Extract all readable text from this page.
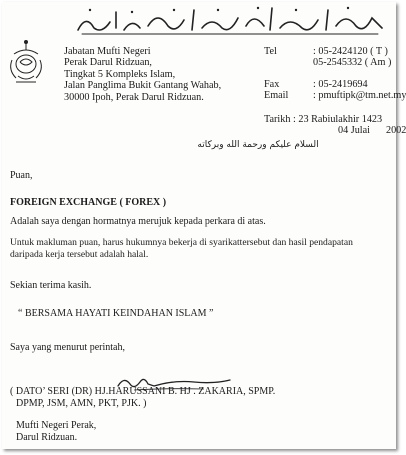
Jabatan Mufti Negeri
Perak Darul Ridzuan,
Tingkat 5 Kompleks Islam,
Jalan Panglima Bukit Gantang Wahab,
30000 Ipoh, Perak Darul Ridzuan.
Tel	: 05-2424120 ( T )
05-2545332 ( Am )
Fax	: 05-2419694
Email	: pmuftipk@tm.net.my
Tarikh : 23 Rabiulakhir 1423
04 Julai	2002
السلام عليكم ورحمة الله وبركاته
Puan,
FOREIGN EXCHANGE ( FOREX )
Adalah saya dengan hormatnya merujuk kepada perkara di atas.
Untuk makluman puan, harus hukumnya bekerja di syarikattersebut dan hasil pendapatan
daripada kerja tersebut adalah halal.
Sekian terima kasih.
“ BERSAMA HAYATI KEINDAHAN ISLAM ”
Saya yang menurut perintah,
( DATO’ SERI (DR) HJ.HARUSSANI B. HJ . ZAKARIA, SPMP.
DPMP, JSM, AMN, PKT, PJK. )
Mufti Negeri Perak,
Darul Ridzuan.
